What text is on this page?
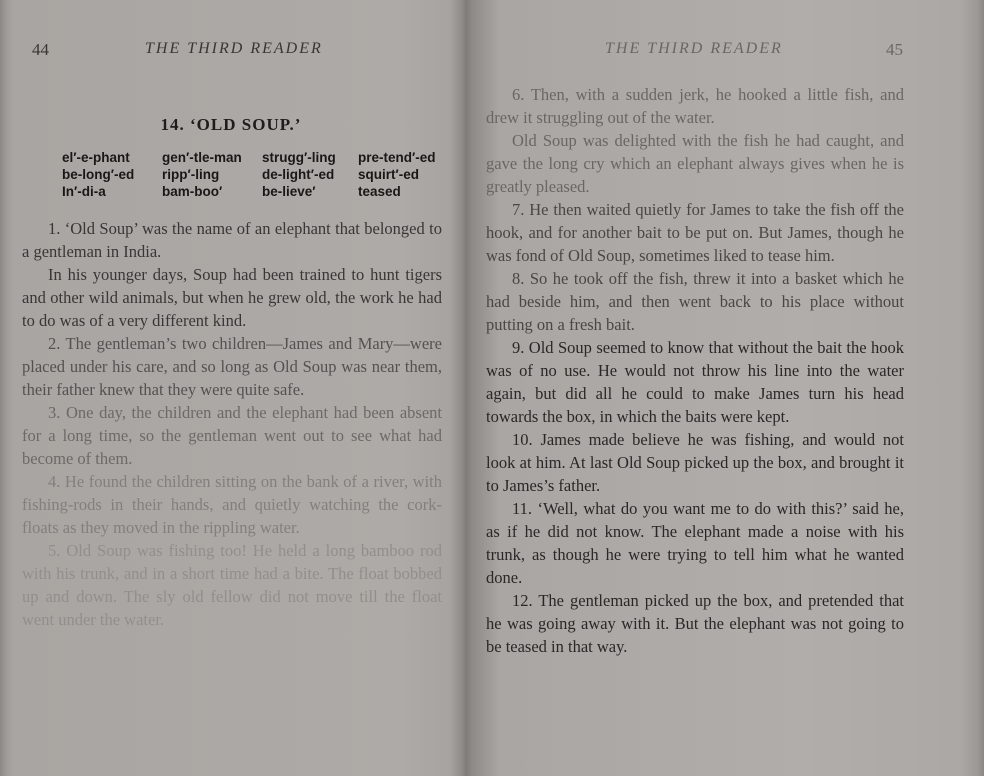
44	THE THIRD READER
14. ‘OLD SOUP.’
el′-e-phant	gen′-tle-man	strugg′-ling	pre-tend′-ed
be-long′-ed	ripp′-ling	de-light′-ed	squirt′-ed
In′-di-a	bam-boo′	be-lieve′	teased

1. ‘Old Soup’ was the name of an elephant that belonged to a gentleman in India.

In his younger days, Soup had been trained to hunt tigers and other wild animals, but when he grew old, the work he had to do was of a very different kind.

2. The gentleman’s two children—James and Mary—were placed under his care, and so long as Old Soup was near them, their father knew that they were quite safe.

3. One day, the children and the elephant had been absent for a long time, so the gentleman went out to see what had become of them.

4. He found the children sitting on the bank of a river, with fishing-rods in their hands, and quietly watching the cork-floats as they moved in the rippling water.

5. Old Soup was fishing too! He held a long bamboo rod with his trunk, and in a short time had a bite. The float bobbed up and down. The sly old fellow did not move till the float went under the water.

THE THIRD READER	45

6. Then, with a sudden jerk, he hooked a little fish, and drew it struggling out of the water.

Old Soup was delighted with the fish he had caught, and gave the long cry which an elephant always gives when he is greatly pleased.

7. He then waited quietly for James to take the fish off the hook, and for another bait to be put on. But James, though he was fond of Old Soup, sometimes liked to tease him.

8. So he took off the fish, threw it into a basket which he had beside him, and then went back to his place without putting on a fresh bait.

9. Old Soup seemed to know that without the bait the hook was of no use. He would not throw his line into the water again, but did all he could to make James turn his head towards the box, in which the baits were kept.

10. James made believe he was fishing, and would not look at him. At last Old Soup picked up the box, and brought it to James’s father.

11. ‘Well, what do you want me to do with this?’ said he, as if he did not know. The elephant made a noise with his trunk, as though he were trying to tell him what he wanted done.

12. The gentleman picked up the box, and pretended that he was going away with it. But the elephant was not going to be teased in that way.
